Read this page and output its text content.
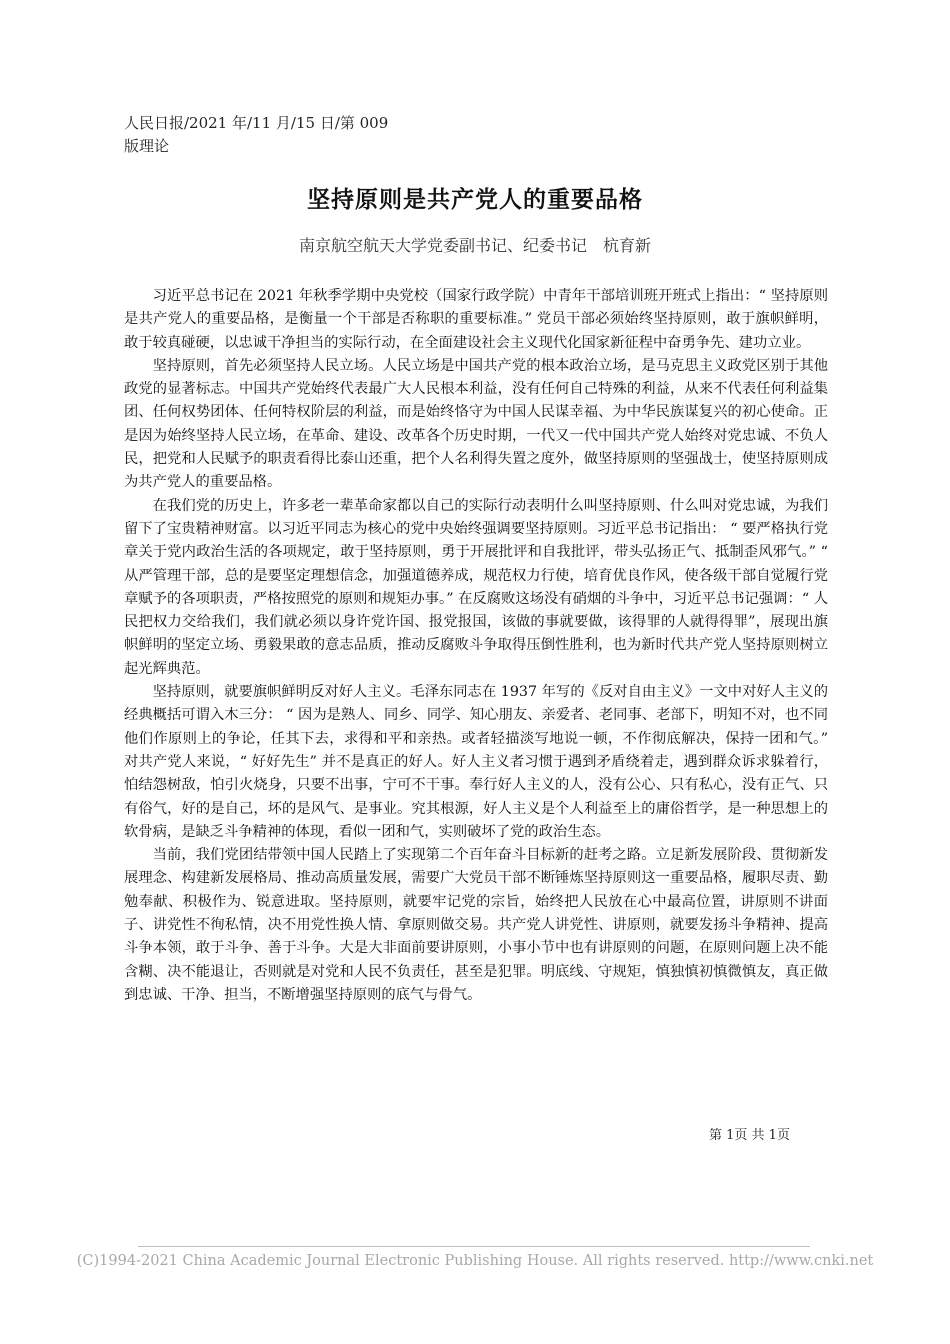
人民日报/2021 年/11 月/15 日/第 009
版理论
坚持原则是共产党人的重要品格
南京航空航天大学党委副书记、纪委书记　杭育新

习近平总书记在 2021 年秋季学期中央党校（国家行政学院）中青年干部培训班开班式上指出：“ 坚持原则是共产党人的重要品格，是衡量一个干部是否称职的重要标准。” 党员干部必须始终坚持原则，敢于旗帜鲜明，敢于较真碰硬，以忠诚干净担当的实际行动，在全面建设社会主义现代化国家新征程中奋勇争先、建功立业。

坚持原则，首先必须坚持人民立场。人民立场是中国共产党的根本政治立场，是马克思主义政党区别于其他政党的显著标志。中国共产党始终代表最广大人民根本利益，没有任何自己特殊的利益，从来不代表任何利益集团、任何权势团体、任何特权阶层的利益，而是始终恪守为中国人民谋幸福、为中华民族谋复兴的初心使命。正是因为始终坚持人民立场，在革命、建设、改革各个历史时期，一代又一代中国共产党人始终对党忠诚、不负人民，把党和人民赋予的职责看得比泰山还重，把个人名利得失置之度外，做坚持原则的坚强战士，使坚持原则成为共产党人的重要品格。

在我们党的历史上，许多老一辈革命家都以自己的实际行动表明什么叫坚持原则、什么叫对党忠诚，为我们留下了宝贵精神财富。以习近平同志为核心的党中央始终强调要坚持原则。习近平总书记指出： “ 要严格执行党章关于党内政治生活的各项规定，敢于坚持原则，勇于开展批评和自我批评，带头弘扬正气、抵制歪风邪气。” “ 从严管理干部，总的是要坚定理想信念，加强道德养成，规范权力行使，培育优良作风，使各级干部自觉履行党章赋予的各项职责，严格按照党的原则和规矩办事。” 在反腐败这场没有硝烟的斗争中，习近平总书记强调：“ 人民把权力交给我们，我们就必须以身许党许国、报党报国，该做的事就要做，该得罪的人就得得罪”，展现出旗帜鲜明的坚定立场、勇毅果敢的意志品质，推动反腐败斗争取得压倒性胜利，也为新时代共产党人坚持原则树立起光辉典范。

坚持原则，就要旗帜鲜明反对好人主义。毛泽东同志在 1937 年写的《反对自由主义》一文中对好人主义的经典概括可谓入木三分： “ 因为是熟人、同乡、同学、知心朋友、亲爱者、老同事、老部下，明知不对，也不同他们作原则上的争论，任其下去，求得和平和亲热。或者轻描淡写地说一顿，不作彻底解决，保持一团和气。” 对共产党人来说，“ 好好先生” 并不是真正的好人。好人主义者习惯于遇到矛盾绕着走，遇到群众诉求躲着行，怕结怨树敌，怕引火烧身，只要不出事，宁可不干事。奉行好人主义的人，没有公心、只有私心，没有正气、只有俗气，好的是自己，坏的是风气、是事业。究其根源，好人主义是个人利益至上的庸俗哲学，是一种思想上的软骨病，是缺乏斗争精神的体现，看似一团和气，实则破坏了党的政治生态。

当前，我们党团结带领中国人民踏上了实现第二个百年奋斗目标新的赶考之路。立足新发展阶段、贯彻新发展理念、构建新发展格局、推动高质量发展，需要广大党员干部不断锤炼坚持原则这一重要品格，履职尽责、勤勉奉献、积极作为、锐意进取。坚持原则，就要牢记党的宗旨，始终把人民放在心中最高位置，讲原则不讲面子、讲党性不徇私情，决不用党性换人情、拿原则做交易。共产党人讲党性、讲原则，就要发扬斗争精神、提高斗争本领，敢于斗争、善于斗争。大是大非面前要讲原则，小事小节中也有讲原则的问题，在原则问题上决不能含糊、决不能退让，否则就是对党和人民不负责任，甚至是犯罪。明底线、守规矩，慎独慎初慎微慎友，真正做到忠诚、干净、担当，不断增强坚持原则的底气与骨气。

第 1页 共 1页
(C)1994-2021 China Academic Journal Electronic Publishing House. All rights reserved. http://www.cnki.net
